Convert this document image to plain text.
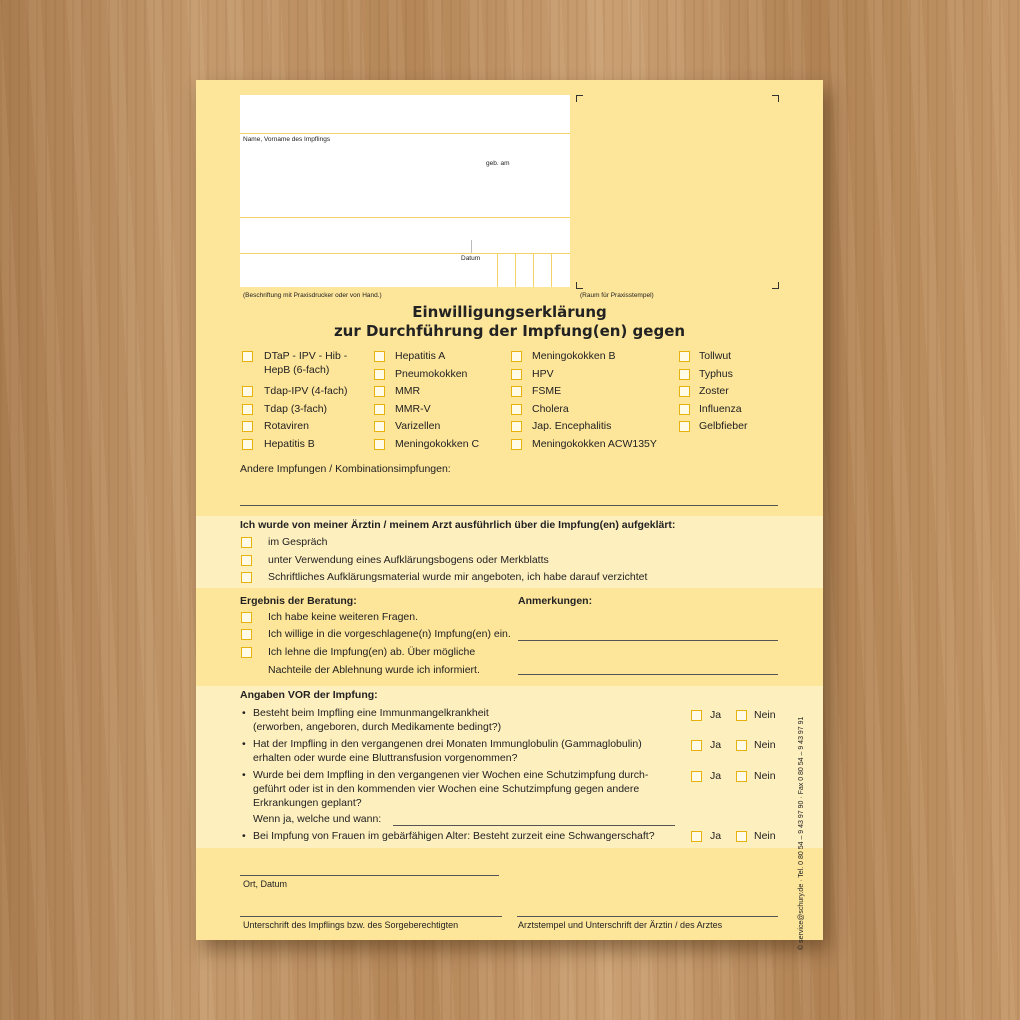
Name, Vorname des Impflings
geb. am
Datum
(Beschriftung mit Praxisdrucker oder von Hand.)	(Raum für Praxisstempel)
Einwilligungserklärung
zur Durchführung der Impfung(en) gegen
DTaP - IPV - Hib -
HepB (6-fach)
Tdap-IPV (4-fach)
Tdap (3-fach)
Rotaviren
Hepatitis B
Hepatitis A
Pneumokokken
MMR
MMR-V
Varizellen
Meningokokken C
Meningokokken B
HPV
FSME
Cholera
Jap. Encephalitis
Meningokokken ACW135Y
Tollwut
Typhus
Zoster
Influenza
Gelbfieber
Andere Impfungen / Kombinationsimpfungen:
Ich wurde von meiner Ärztin / meinem Arzt ausführlich über die Impfung(en) aufgeklärt:
im Gespräch
unter Verwendung eines Aufklärungsbogens oder Merkblatts
Schriftliches Aufklärungsmaterial wurde mir angeboten, ich habe darauf verzichtet
Ergebnis der Beratung:	Anmerkungen:
Ich habe keine weiteren Fragen.
Ich willige in die vorgeschlagene(n) Impfung(en) ein.
Ich lehne die Impfung(en) ab. Über mögliche
Nachteile der Ablehnung wurde ich informiert.
Angaben VOR der Impfung:
• Besteht beim Impfling eine Immunmangelkrankheit
(erworben, angeboren, durch Medikamente bedingt?)
Ja	Nein
• Hat der Impfling in den vergangenen drei Monaten Immunglobulin (Gammaglobulin)
erhalten oder wurde eine Bluttransfusion vorgenommen?
Ja	Nein
• Wurde bei dem Impfling in den vergangenen vier Wochen eine Schutzimpfung durch-
geführt oder ist in den kommenden vier Wochen eine Schutzimpfung gegen andere
Erkrankungen geplant?
Wenn ja, welche und wann:
Ja	Nein
• Bei Impfung von Frauen im gebärfähigen Alter: Besteht zurzeit eine Schwangerschaft?	Ja	Nein
Ort, Datum
Unterschrift des Impflings bzw. des Sorgeberechtigten	Arztstempel und Unterschrift der Ärztin / des Arztes	© service@schury.de · Tel. 0 80 54 – 9 43 97 90 · Fax 0 80 54 – 9 43 97 91
